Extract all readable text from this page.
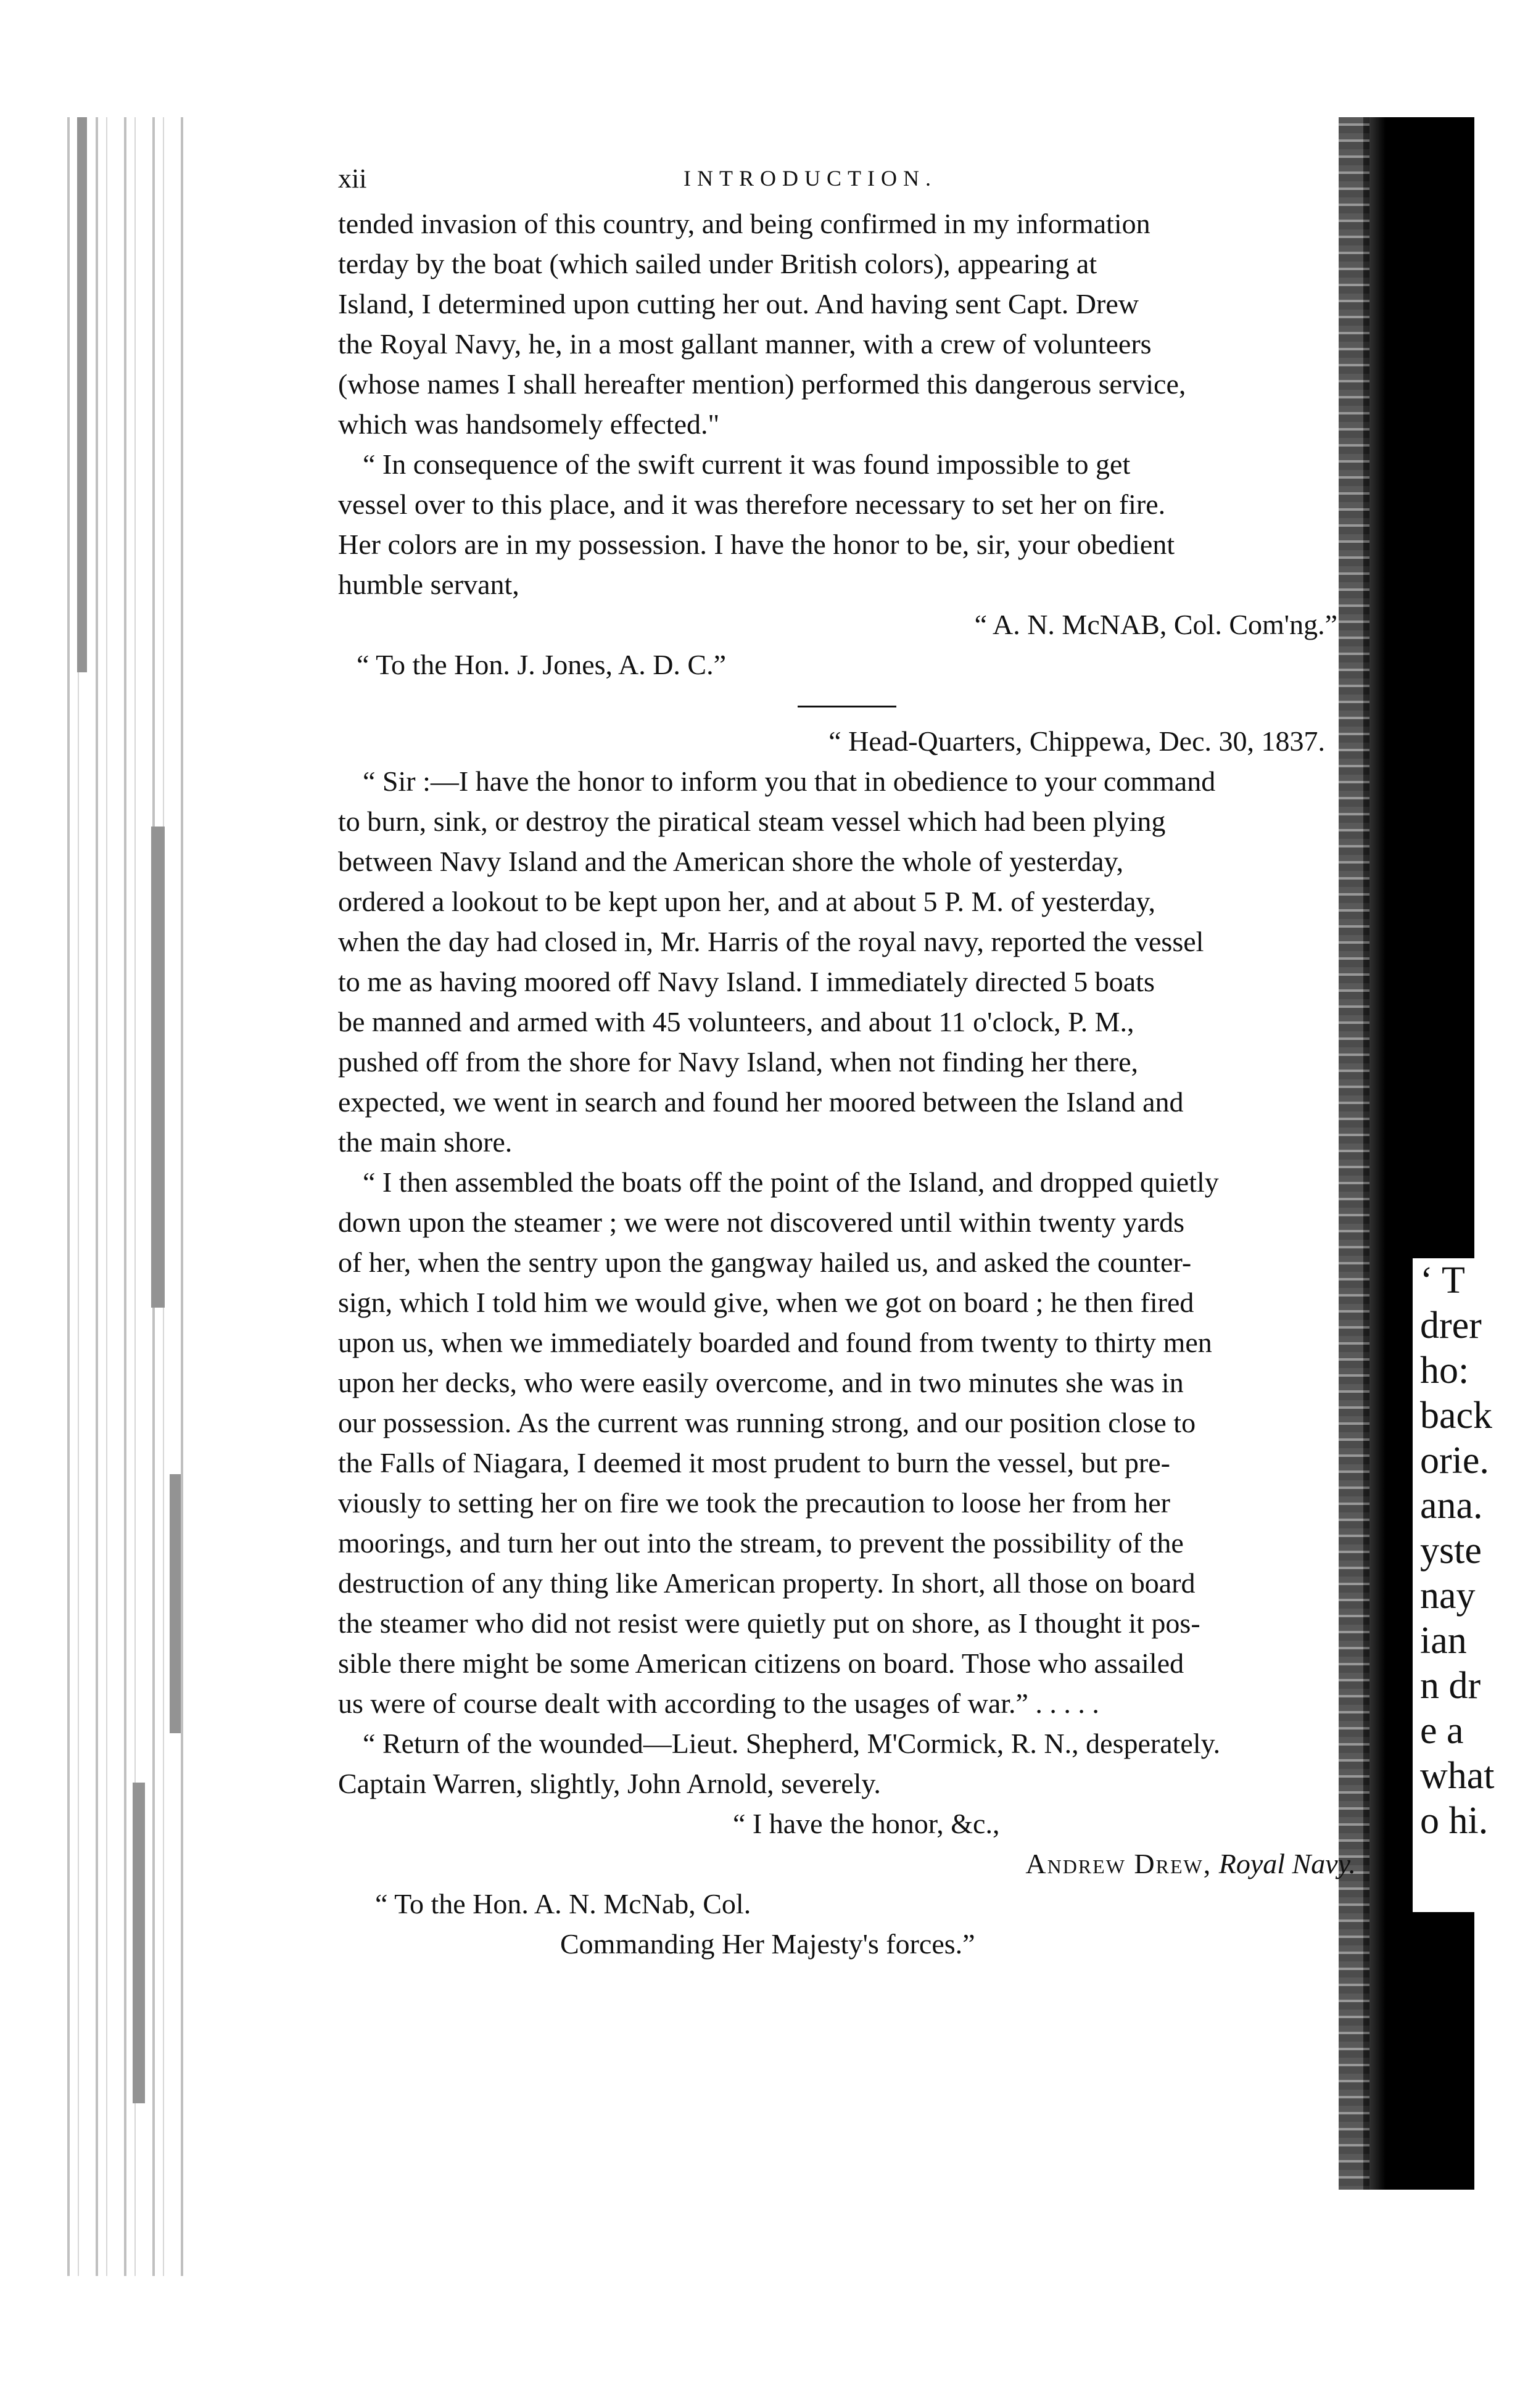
‘ T
drer
ho:
back
orie.
ana.
yste
nay
ian
n dr
e a
what
o hi.
xii	INTRODUCTION.

tended invasion of this country, and being confirmed in my information
terday by the boat (which sailed under British colors), appearing at
Island, I determined upon cutting her out. And having sent Capt. Drew
the Royal Navy, he, in a most gallant manner, with a crew of volunteers
(whose names I shall hereafter mention) performed this dangerous service,
which was handsomely effected."

“ In consequence of the swift current it was found impossible to get
vessel over to this place, and it was therefore necessary to set her on fire.
Her colors are in my possession. I have the honor to be, sir, your obedient
humble servant,

“ A. N. McNAB, Col. Com'ng.”
“ To the Hon. J. Jones, A. D. C.”
“ Head-Quarters, Chippewa, Dec. 30, 1837.

“ Sir :—I have the honor to inform you that in obedience to your command
to burn, sink, or destroy the piratical steam vessel which had been plying
between Navy Island and the American shore the whole of yesterday,
ordered a lookout to be kept upon her, and at about 5 P. M. of yesterday,
when the day had closed in, Mr. Harris of the royal navy, reported the vessel
to me as having moored off Navy Island. I immediately directed 5 boats
be manned and armed with 45 volunteers, and about 11 o'clock, P. M.,
pushed off from the shore for Navy Island, when not finding her there,
expected, we went in search and found her moored between the Island and
the main shore.

“ I then assembled the boats off the point of the Island, and dropped quietly
down upon the steamer ; we were not discovered until within twenty yards
of her, when the sentry upon the gangway hailed us, and asked the counter-
sign, which I told him we would give, when we got on board ; he then fired
upon us, when we immediately boarded and found from twenty to thirty men
upon her decks, who were easily overcome, and in two minutes she was in
our possession. As the current was running strong, and our position close to
the Falls of Niagara, I deemed it most prudent to burn the vessel, but pre-
viously to setting her on fire we took the precaution to loose her from her
moorings, and turn her out into the stream, to prevent the possibility of the
destruction of any thing like American property. In short, all those on board
the steamer who did not resist were quietly put on shore, as I thought it pos-
sible there might be some American citizens on board. Those who assailed
us were of course dealt with according to the usages of war.” . . . . .

“ Return of the wounded—Lieut. Shepherd, M'Cormick, R. N., desperately.
Captain Warren, slightly, John Arnold, severely.

“ I have the honor, &c.,
Andrew Drew, Royal Navy.
“ To the Hon. A. N. McNab, Col.
Commanding Her Majesty's forces.”
